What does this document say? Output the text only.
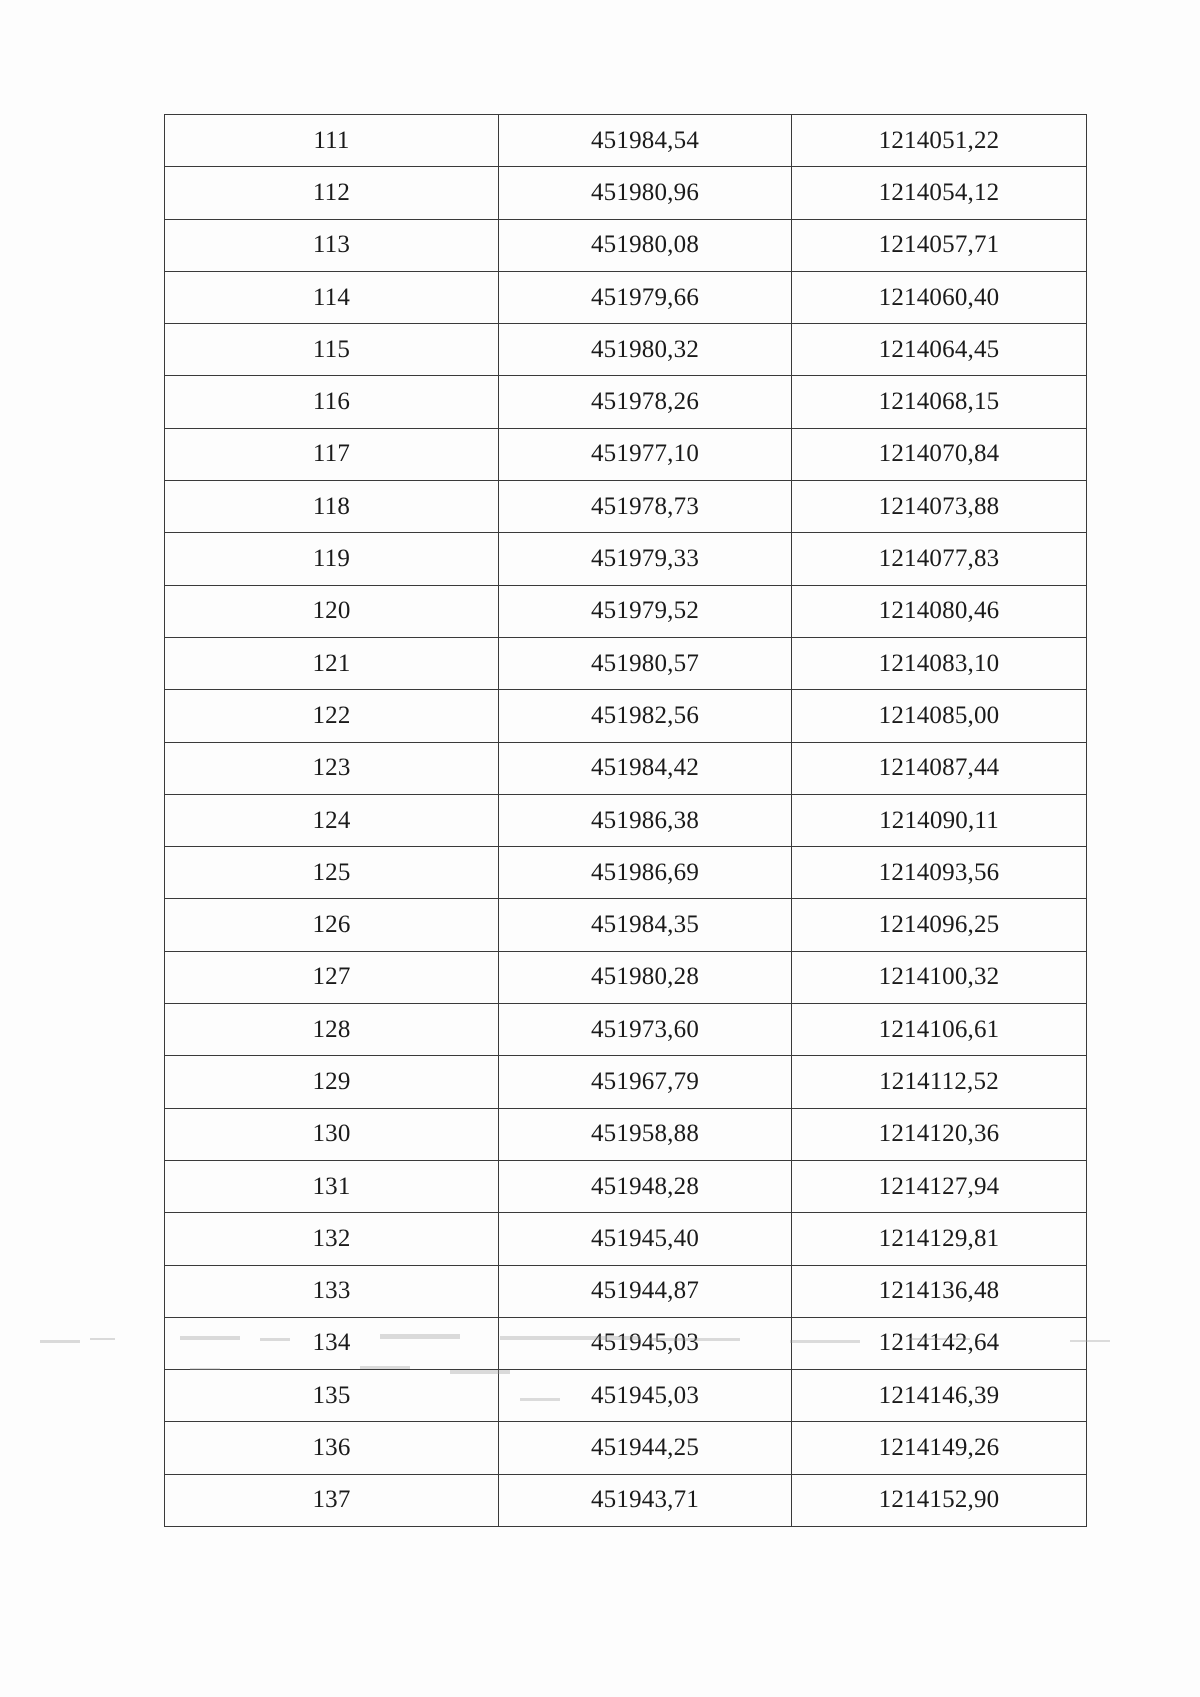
111	451984,54	1214051,22
112	451980,96	1214054,12
113	451980,08	1214057,71
114	451979,66	1214060,40
115	451980,32	1214064,45
116	451978,26	1214068,15
117	451977,10	1214070,84
118	451978,73	1214073,88
119	451979,33	1214077,83
120	451979,52	1214080,46
121	451980,57	1214083,10
122	451982,56	1214085,00
123	451984,42	1214087,44
124	451986,38	1214090,11
125	451986,69	1214093,56
126	451984,35	1214096,25
127	451980,28	1214100,32
128	451973,60	1214106,61
129	451967,79	1214112,52
130	451958,88	1214120,36
131	451948,28	1214127,94
132	451945,40	1214129,81
133	451944,87	1214136,48
134	451945,03	1214142,64
135	451945,03	1214146,39
136	451944,25	1214149,26
137	451943,71	1214152,90
